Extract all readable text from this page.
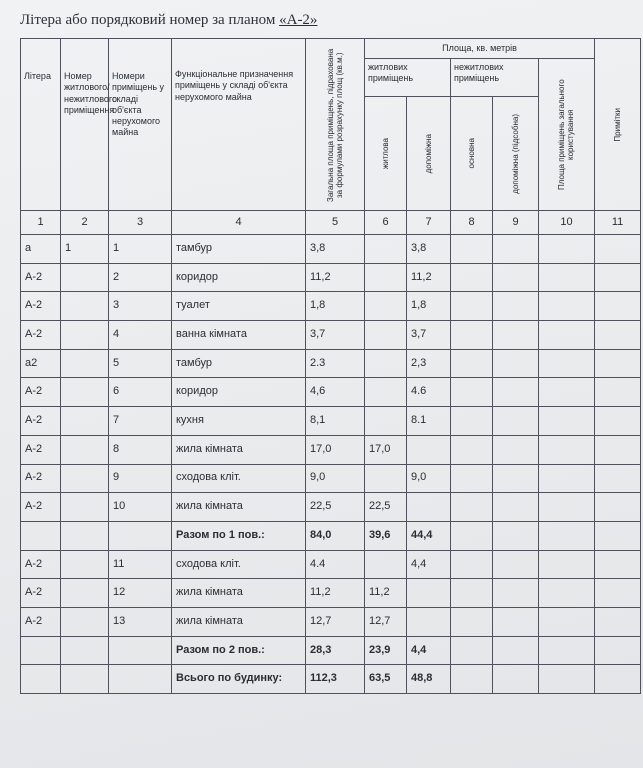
Літера або порядковий номер за планом «А-2»
Літера	Номер житлового/ нежитлового приміщення	Номери приміщень у складі об'єкта нерухомого майна	Функціональне призначення приміщень у складі об'єкта нерухомого майна	Загальна площа приміщень, підрахована за формулами розрахунку площ (кв.м.)	Площа, кв. метрів					Примітки

					житлових приміщень		нежитлових приміщень		Площа приміщень загального користування	

					житлова	допоміжна	основна	допоміжна (підсобна)		

1	2	3	4	5	6	7	8	9	10	11
а	1	1	тамбур	3,8		3,8				
А-2		2	коридор	11,2		11,2				
А-2		3	туалет	1,8		1,8				
А-2		4	ванна кімната	3,7		3,7				
а2		5	тамбур	2.3		2,3				
А-2		6	коридор	4,6		4.6				
А-2		7	кухня	8,1		8.1				
А-2		8	жила кімната	17,0	17,0					
А-2		9	сходова кліт.	9,0		9,0				
А-2		10	жила кімната	22,5	22,5					
			Разом по 1 пов.:	84,0	39,6	44,4				
А-2		11	сходова кліт.	4.4		4,4				
А-2		12	жила кімната	11,2	11,2					
А-2		13	жила кімната	12,7	12,7					
			Разом по 2 пов.:	28,3	23,9	4,4				
			Всього по будинку:	112,3	63,5	48,8				
